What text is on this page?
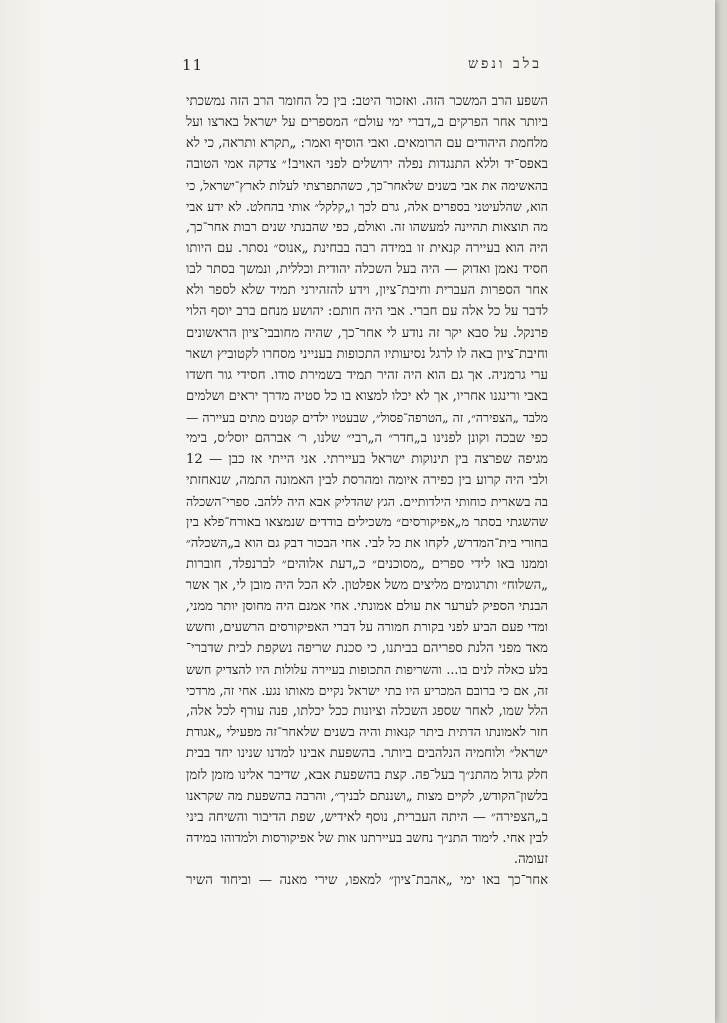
11	בלב ונפש
השפע הרב המשכר הזה. ואזכור היטב: בין כל החומר הרב הזה נמשכתי
ביותר אחר הפרקים ב„דברי ימי עולם״ המספרים על ישראל בארצו ועל
מלחמת היהודים עם הרומאים. ואבי הוסיף ואמר: „תקרא ותראה, כי לא
באפס־יד וללא התנגדות נפלה ירושלים לפני האויב!״ צדקה אמי הטובה
בהאשימה את אבי בשנים שלאחר־כך, כשהתפרצתי לעלות לארץ־ישראל, כי
הוא, שהלעיטני בספרים אלה, גרם לכך ו„קלקל״ אותי בהחלט. לא ידע אבי
מה תוצאות תהיינה למעשהו זה. ואולם, כפי שהבנתי שנים רבות אחר־כך,
היה הוא בעיירה קנאית זו במידה רבה בבחינת „אנוס״ נסתר. עם היותו
חסיד נאמן ואדוק — היה בעל השכלה יהודית וכללית, ונמשך בסתר לבו
אחר הספרות העברית וחיבת־ציון, וידע להזהירני תמיד שלא לספר ולא
לדבר על כל אלה עם חברי. אבי היה חותם: יהושע מנחם ברב יוסף הלוי
פרנקל. על סבא יקר זה נודע לי אחר־כך, שהיה מחובבי־ציון הראשונים
וחיבת־ציון באה לו לרגל נסיעותיו התכופות בענייני מסחרו לקטוביץ ושאר
ערי גרמניה. אך גם הוא היה זהיר תמיד בשמירת סודו. חסידי גור חשדו
באבי ורינגנו אחריו, אך לא יכלו למצוא בו כל סטיה מדרך יראים ושלמים
מלבד „הצפירה״, זה „הטרפה־פסול״, שבעטיו ילדים קטנים מתים בעיירה —
כפי שבכה וקונן לפנינו ב„חדר״ ה„רבי״ שלנו, ר׳ אברהם יוסל׳ס, בימי
מגיפה שפרצה בין תינוקות ישראל בעיירתי. אני הייתי אז כבן — 12
ולבי היה קרוע בין כפירה איומה ומהרסת לבין האמונה התמה, שנאחזתי
בה בשארית כוחותי הילדותיים. הגץ שהדליק אבא היה ללהב. ספרי־השכלה
שהשגתי בסתר מ„אפיקורסים״ משכילים בודדים שנמצאו באורח־פלא בין
בחורי בית־המדרש, לקחו את כל לבי. אחי הבכור דבק גם הוא ב„השכלה״
וממנו באו לידי ספרים „מסוכנים״ כ„דעת אלוהים״ לברנפלד, חוברות
„השלוח״ ותרגומים מליצים משל אפלטון. לא הכל היה מובן לי, אך אשר
הבנתי הספיק לערער את עולם אמונתי. אחי אמנם היה מחוסן יותר ממני,
ומדי פעם הביע לפני בקורת חמורה על דברי האפיקורסים הרשעים, וחשש
מאד מפני הלנת ספריהם בביתנו, כי סכנת שריפה נשקפת לבית שדברי־
בלע כאלה לנים בו... והשריפות התכופות בעיירה עלולות היו להצדיק חשש
זה, אם כי ברובם המכריע היו בתי ישראל נקיים מאותו נגע. אחי זה, מרדכי
הלל שמו, לאחר שספג השכלה וציונות ככל יכלתו, פנה עורף לכל אלה,
חזר לאמונתו הדתית ביתר קנאות והיה בשנים שלאחר־זה מפעילי „אגודת
ישראל״ ולוחמיה הנלהבים ביותר. בהשפעת אבינו למדנו שנינו יחד בבית
חלק גדול מהתנ״ך בעל־פה. קצת בהשפעת אבא, שדיבר אלינו מזמן לזמן
בלשון־הקודש, לקיים מצות „ושננתם לבניך״, והרבה בהשפעת מה שקראנו
ב„הצפירה״ — היתה העברית, נוסף לאידיש, שפת הדיבור והשיחה ביני
לבין אחי. לימוד התנ״ך נחשב בעיירתנו אות של אפיקורסות ולמדוהו במידה
זעומה.
אחר־כך באו ימי „אהבת־ציון״ למאפו, שירי מאנה — וביחוד השיר
